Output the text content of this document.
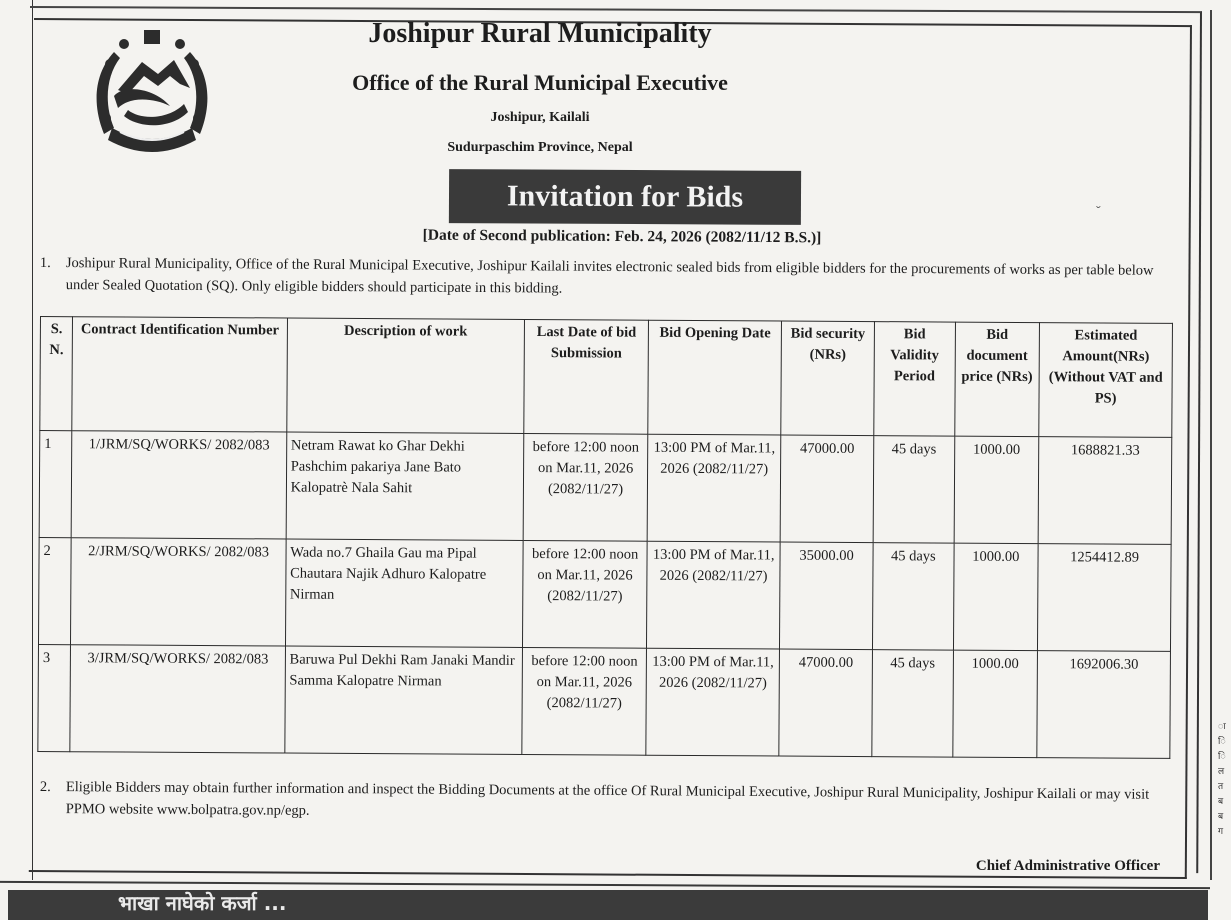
ा
ि
ि
ल
त
ब
ब
ग
Joshipur Rural Municipality
Office of the Rural Municipal Executive
Joshipur, Kailali
Sudurpaschim Province, Nepal
Invitation for Bids	ˬ
[Date of Second publication: Feb. 24, 2026 (2082/11/12 B.S.)]
1. Joshipur Rural Municipality, Office of the Rural Municipal Executive, Joshipur Kailali invites electronic sealed bids from eligible bidders for the procurements of works as per table below under Sealed Quotation (SQ). Only eligible bidders should participate in this bidding.
S. N.	Contract Identification Number	Description of work	Last Date of bid Submission	Bid Opening Date	Bid security (NRs)	Bid Validity Period	Bid document price (NRs)	Estimated Amount(NRs) (Without VAT and PS)
1	1/JRM/SQ/WORKS/ 2082/083	Netram Rawat ko Ghar Dekhi Pashchim pakariya Jane Bato Kalopatrè Nala Sahit	before 12:00 noon on Mar.11, 2026 (2082/11/27)	13:00 PM of Mar.11, 2026 (2082/11/27)	47000.00	45 days	1000.00	1688821.33
2	2/JRM/SQ/WORKS/ 2082/083	Wada no.7 Ghaila Gau ma Pipal Chautara Najik Adhuro Kalopatre Nirman	before 12:00 noon on Mar.11, 2026 (2082/11/27)	13:00 PM of Mar.11, 2026 (2082/11/27)	35000.00	45 days	1000.00	1254412.89
3	3/JRM/SQ/WORKS/ 2082/083	Baruwa Pul Dekhi Ram Janaki Mandir Samma Kalopatre Nirman	before 12:00 noon on Mar.11, 2026 (2082/11/27)	13:00 PM of Mar.11, 2026 (2082/11/27)	47000.00	45 days	1000.00	1692006.30
2. Eligible Bidders may obtain further information and inspect the Bidding Documents at the office Of Rural Municipal Executive, Joshipur Rural Municipality, Joshipur Kailali or may visit PPMO website www.bolpatra.gov.np/egp.
Chief Administrative Officer
भाखा नाघेको कर्जा ...
